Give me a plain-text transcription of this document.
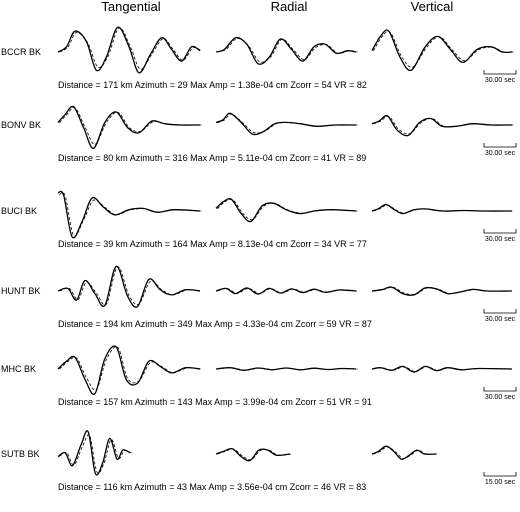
Tangential	Radial	Vertical
BCCR BK
Distance = 171 km Azimuth = 29 Max Amp = 1.38e-04 cm Zcorr = 54 VR = 82	30.00 sec
BONV BK
Distance = 80 km Azimuth = 316 Max Amp = 5.11e-04 cm Zcorr = 41 VR = 89	30.00 sec
BUCI BK
Distance = 39 km Azimuth = 164 Max Amp = 8.13e-04 cm Zcorr = 34 VR = 77	30.00 sec
HUNT BK
Distance = 194 km Azimuth = 349 Max Amp = 4.33e-04 cm Zcorr = 59 VR = 87	30.00 sec
MHC BK
Distance = 157 km Azimuth = 143 Max Amp = 3.99e-04 cm Zcorr = 51 VR = 91	30.00 sec
SUTB BK
Distance = 116 km Azimuth = 43 Max Amp = 3.56e-04 cm Zcorr = 46 VR = 83	15.00 sec
